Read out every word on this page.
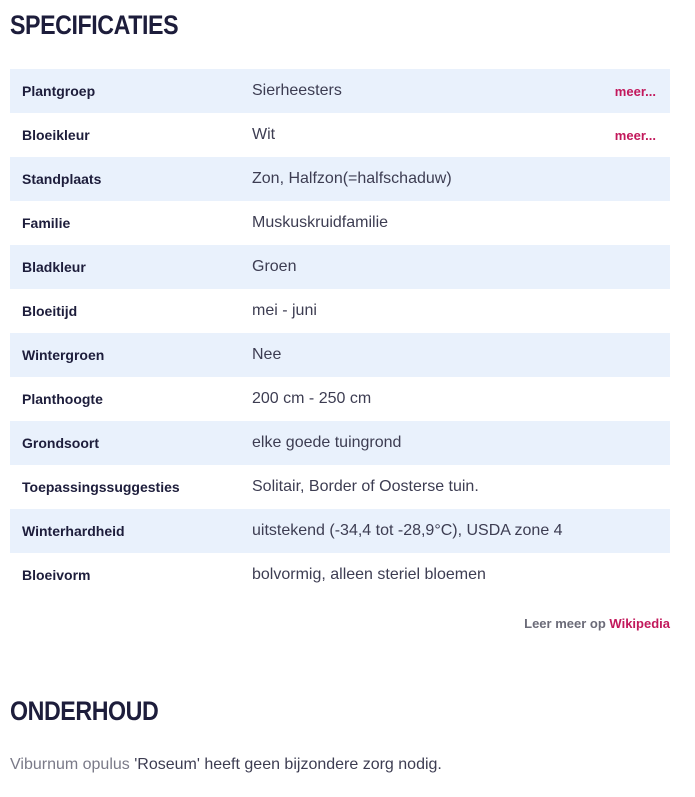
SPECIFICATIES
Plantgroep	Sierheesters	meer...
Bloeikleur	Wit	meer...
Standplaats	Zon, Halfzon(=halfschaduw)
Familie	Muskuskruidfamilie
Bladkleur	Groen
Bloeitijd	mei - juni
Wintergroen	Nee
Planthoogte	200 cm - 250 cm
Grondsoort	elke goede tuingrond
Toepassingssuggesties	Solitair, Border of Oosterse tuin.
Winterhardheid	uitstekend (-34,4 tot -28,9°C), USDA zone 4
Bloeivorm	bolvormig, alleen steriel bloemen
Leer meer op Wikipedia
ONDERHOUD

Viburnum opulus 'Roseum' heeft geen bijzondere zorg nodig.
